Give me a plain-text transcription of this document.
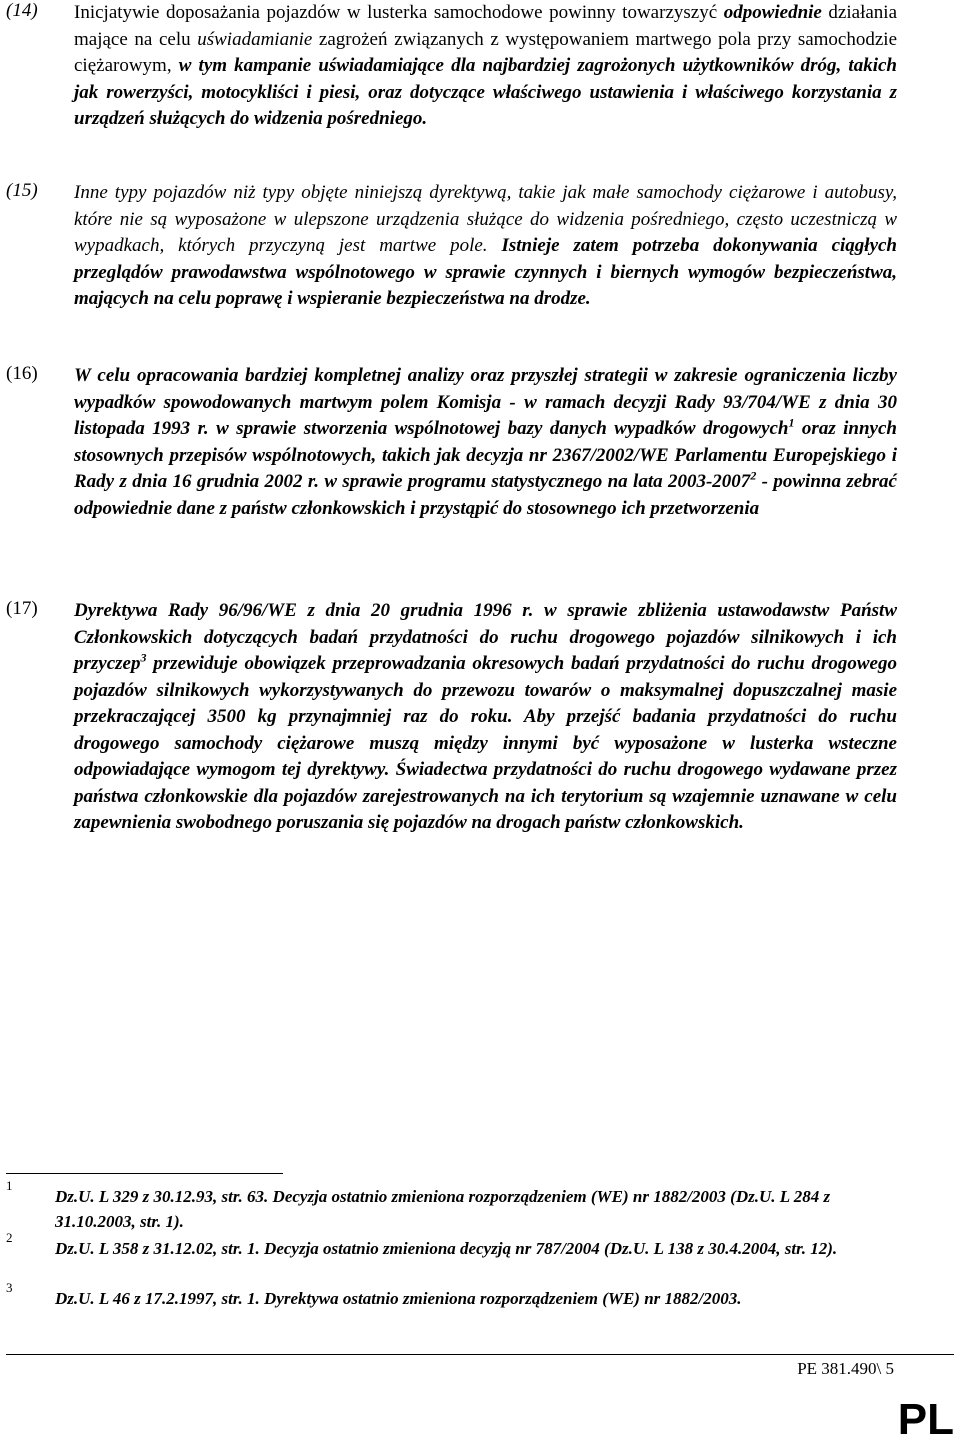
(14) Inicjatywie doposażania pojazdów w lusterka samochodowe powinny towarzyszyć odpowiednie działania mające na celu uświadamianie zagrożeń związanych z występowaniem martwego pola przy samochodzie ciężarowym, w tym kampanie uświadamiające dla najbardziej zagrożonych użytkowników dróg, takich jak rowerzyści, motocykliści i piesi, oraz dotyczące właściwego ustawienia i właściwego korzystania z urządzeń służących do widzenia pośredniego.
(15) Inne typy pojazdów niż typy objęte niniejszą dyrektywą, takie jak małe samochody ciężarowe i autobusy, które nie są wyposażone w ulepszone urządzenia służące do widzenia pośredniego, często uczestniczą w wypadkach, których przyczyną jest martwe pole. Istnieje zatem potrzeba dokonywania ciągłych przeglądów prawodawstwa wspólnotowego w sprawie czynnych i biernych wymogów bezpieczeństwa, mających na celu poprawę i wspieranie bezpieczeństwa na drodze.
(16) W celu opracowania bardziej kompletnej analizy oraz przyszłej strategii w zakresie ograniczenia liczby wypadków spowodowanych martwym polem Komisja - w ramach decyzji Rady 93/704/WE z dnia 30 listopada 1993 r. w sprawie stworzenia wspólnotowej bazy danych wypadków drogowych$^1$ oraz innych stosownych przepisów wspólnotowych, takich jak decyzja nr 2367/2002/WE Parlamentu Europejskiego i Rady z dnia 16 grudnia 2002 r. w sprawie programu statystycznego na lata 2003-2007$^2$ - powinna zebrać odpowiednie dane z państw członkowskich i przystąpić do stosownego ich przetworzenia
(17) Dyrektywa Rady 96/96/WE z dnia 20 grudnia 1996 r. w sprawie zbliżenia ustawodawstw Państw Członkowskich dotyczących badań przydatności do ruchu drogowego pojazdów silnikowych i ich przyczep$^3$ przewiduje obowiązek przeprowadzania okresowych badań przydatności do ruchu drogowego pojazdów silnikowych wykorzystywanych do przewozu towarów o maksymalnej dopuszczalnej masie przekraczającej 3500 kg przynajmniej raz do roku. Aby przejść badania przydatności do ruchu drogowego samochody ciężarowe muszą między innymi być wyposażone w lusterka wsteczne odpowiadające wymogom tej dyrektywy. Świadectwa przydatności do ruchu drogowego wydawane przez państwa członkowskie dla pojazdów zarejestrowanych na ich terytorium są wzajemnie uznawane w celu zapewnienia swobodnego poruszania się pojazdów na drogach państw członkowskich.
1
Dz.U. L 329 z 30.12.93, str. 63. Decyzja ostatnio zmieniona rozporządzeniem (WE) nr 1882/2003 (Dz.U. L 284 z 31.10.2003, str. 1).
2
Dz.U. L 358 z 31.12.02, str. 1. Decyzja ostatnio zmieniona decyzją nr 787/2004 (Dz.U. L 138 z 30.4.2004, str. 12).
3
Dz.U. L 46 z 17.2.1997, str. 1. Dyrektywa ostatnio zmieniona rozporządzeniem (WE) nr 1882/2003.
PE 381.490\ 5
PL
